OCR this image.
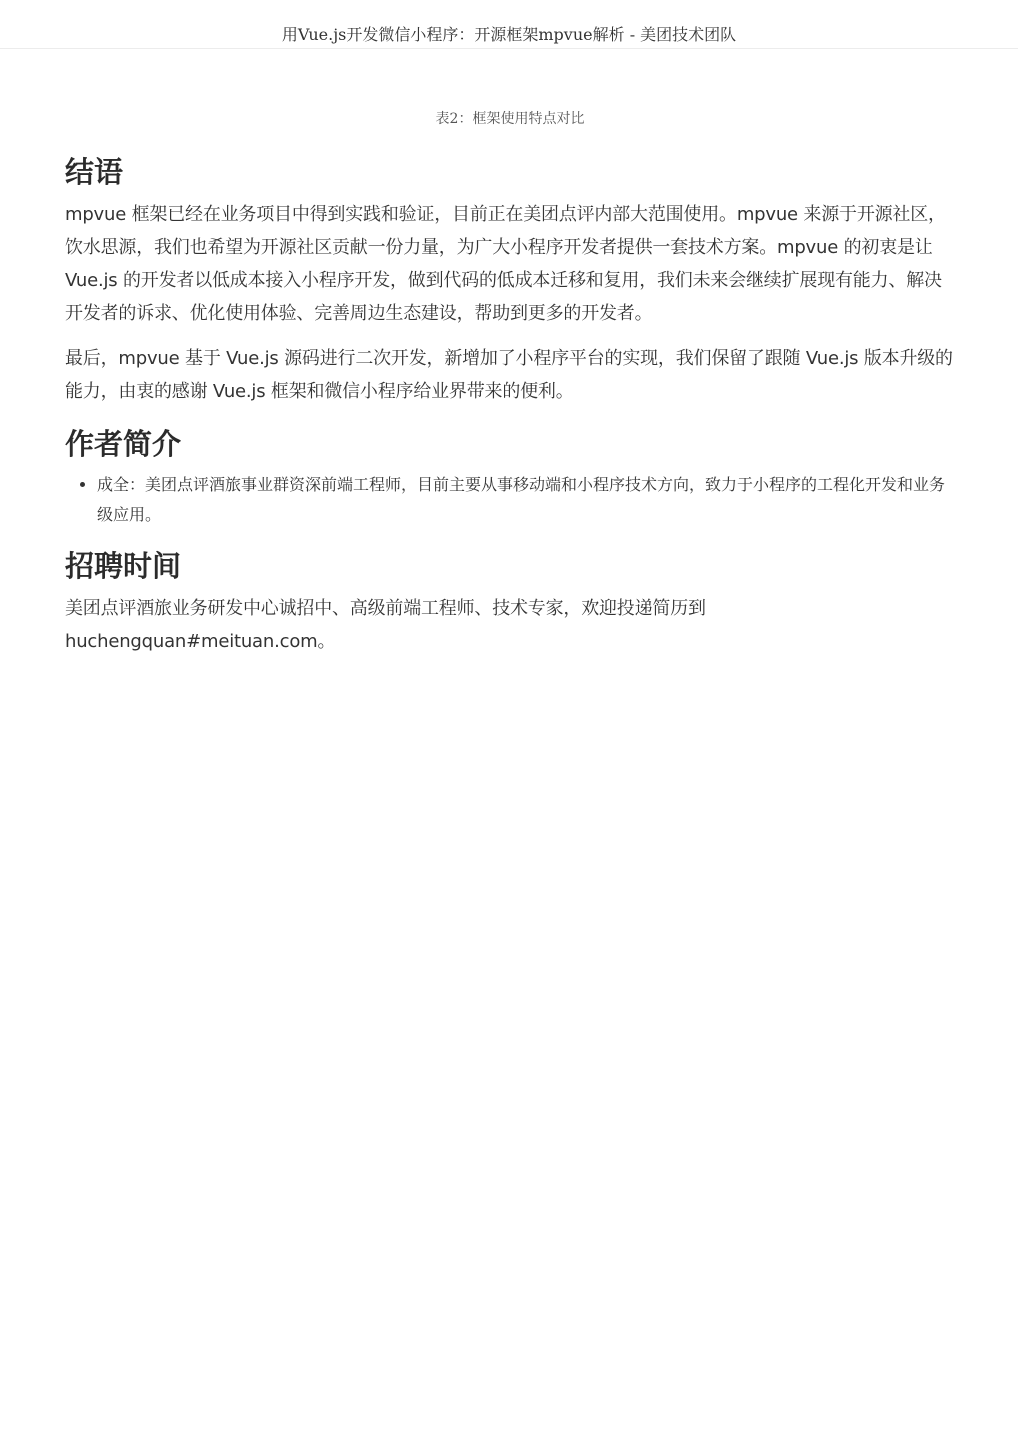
用Vue.js开发微信小程序：开源框架mpvue解析 - 美团技术团队
表2：框架使用特点对比
结语

mpvue 框架已经在业务项目中得到实践和验证，目前正在美团点评内部大范围使用。mpvue 来源于开源社区，饮水思源，我们也希望为开源社区贡献一份力量，为广大小程序开发者提供一套技术方案。mpvue 的初衷是让 Vue.js 的开发者以低成本接入小程序开发，做到代码的低成本迁移和复用，我们未来会继续扩展现有能力、解决开发者的诉求、优化使用体验、完善周边生态建设，帮助到更多的开发者。

最后，mpvue 基于 Vue.js 源码进行二次开发，新增加了小程序平台的实现，我们保留了跟随 Vue.js 版本升级的能力，由衷的感谢 Vue.js 框架和微信小程序给业界带来的便利。

作者简介
• 成全：美团点评酒旅事业群资深前端工程师，目前主要从事移动端和小程序技术方向，致力于小程序的工程化开发和业务级应用。
招聘时间

美团点评酒旅业务研发中心诚招中、高级前端工程师、技术专家，欢迎投递简历到 huchengquan#meituan.com。
